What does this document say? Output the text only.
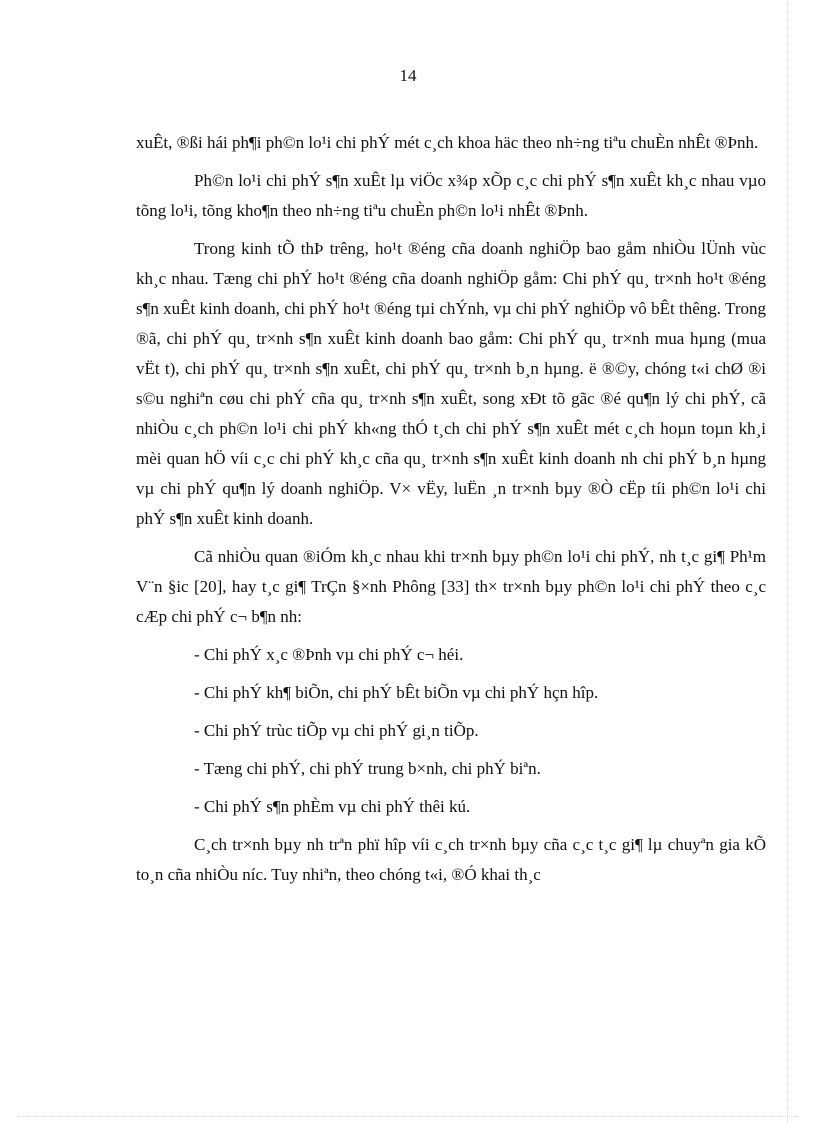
14

xuÊt, ®ßi hái ph¶i ph©n lo¹i chi phÝ mét c¸ch khoa häc theo nh÷ng tiªu chuÈn nhÊt ®Þnh.

Ph©n lo¹i chi phÝ s¶n xuÊt lµ viÖc x¾p xÕp c¸c chi phÝ s¶n xuÊt kh¸c nhau vµo tõng lo¹i, tõng kho¶n theo nh÷ng tiªu chuÈn ph©n lo¹i nhÊt ®Þnh.

Trong kinh tÕ thÞ trêng, ho¹t ®éng cña doanh nghiÖp bao gåm nhiÒu lÜnh vùc kh¸c nhau. Tæng chi phÝ ho¹t ®éng cña doanh nghiÖp gåm: Chi phÝ qu¸ tr×nh ho¹t ®éng s¶n xuÊt kinh doanh, chi phÝ ho¹t ®éng tµi chÝnh, vµ chi phÝ nghiÖp vô bÊt thêng. Trong ®ã, chi phÝ qu¸ tr×nh s¶n xuÊt kinh doanh bao gåm: Chi phÝ qu¸ tr×nh mua hµng (mua vËt t), chi phÝ qu¸ tr×nh s¶n xuÊt, chi phÝ qu¸ tr×nh b¸n hµng. ë ®©y, chóng t«i chØ ®i s©u nghiªn cøu chi phÝ cña qu¸ tr×nh s¶n xuÊt, song xÐt tõ gãc ®é qu¶n lý chi phÝ, cã nhiÒu c¸ch ph©n lo¹i chi phÝ kh«ng thÓ t¸ch chi phÝ s¶n xuÊt mét c¸ch hoµn toµn kh¸i mèi quan hÖ víi c¸c chi phÝ kh¸c cña qu¸ tr×nh s¶n xuÊt kinh doanh nh chi phÝ b¸n hµng vµ chi phÝ qu¶n lý doanh nghiÖp. V× vËy, luËn ¸n tr×nh bµy ®Ò cËp tíi ph©n lo¹i chi phÝ s¶n xuÊt kinh doanh.

Cã nhiÒu quan ®iÓm kh¸c nhau khi tr×nh bµy ph©n lo¹i chi phÝ, nh t¸c gi¶ Ph¹m V¨n §ic [20], hay t¸c gi¶ TrÇn §×nh Phông [33] th× tr×nh bµy ph©n lo¹i chi phÝ theo c¸c cÆp chi phÝ c¬ b¶n nh:

- Chi phÝ x¸c ®Þnh vµ chi phÝ c¬ héi.
- Chi phÝ kh¶ biÕn, chi phÝ bÊt biÕn vµ chi phÝ hçn hîp.
- Chi phÝ trùc tiÕp vµ chi phÝ gi¸n tiÕp.
- Tæng chi phÝ, chi phÝ trung b×nh, chi phÝ biªn.
- Chi phÝ s¶n phÈm vµ chi phÝ thêi kú.

C¸ch tr×nh bµy nh trªn phï hîp víi c¸ch tr×nh bµy cña c¸c t¸c gi¶ lµ chuyªn gia kÕ to¸n cña nhiÒu níc. Tuy nhiªn, theo chóng t«i, ®Ó khai th¸c
